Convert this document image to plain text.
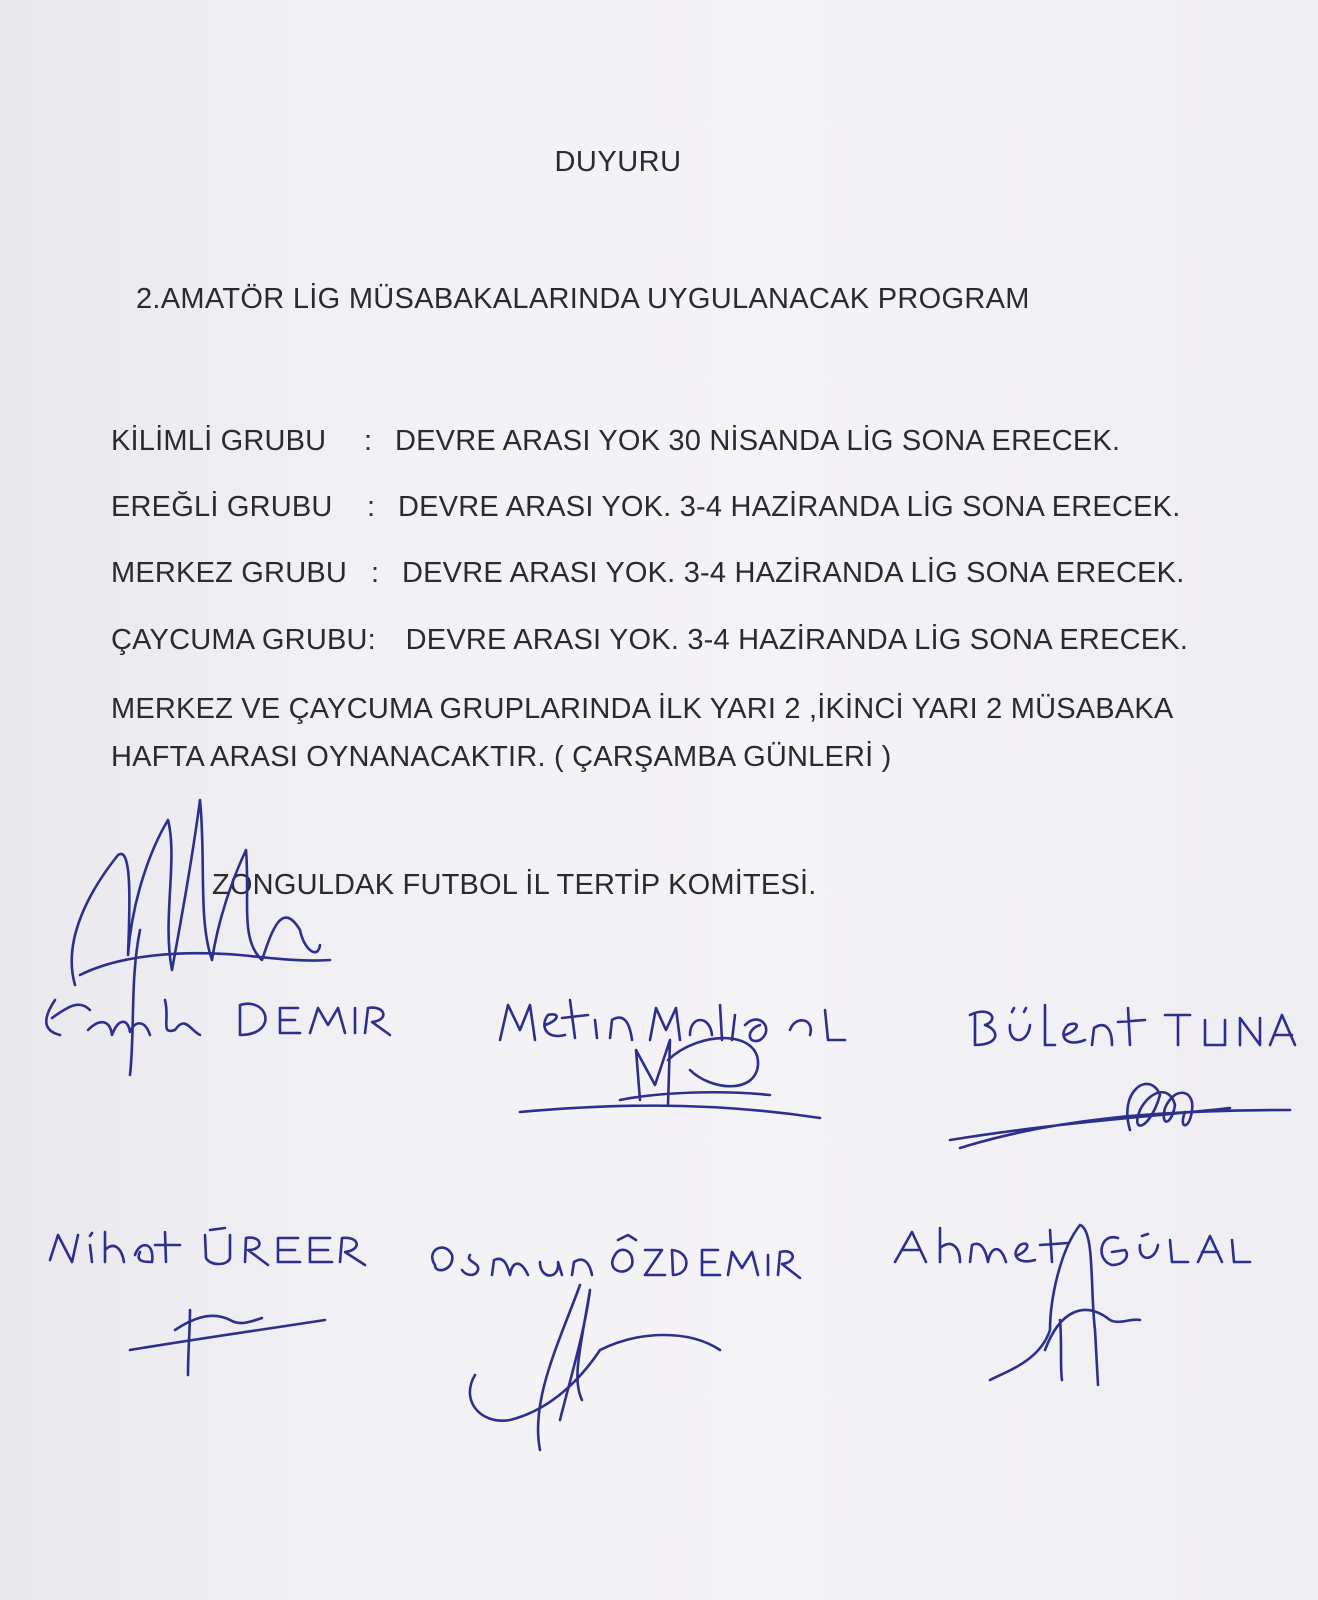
DUYURU
2.AMATÖR LİG MÜSABAKALARINDA UYGULANACAK PROGRAM
KİLİMLİ GRUBU : DEVRE ARASI YOK 30 NİSANDA LİG SONA ERECEK.
EREĞLİ GRUBU : DEVRE ARASI YOK. 3-4 HAZİRANDA LİG SONA ERECEK.
MERKEZ GRUBU : DEVRE ARASI YOK. 3-4 HAZİRANDA LİG SONA ERECEK.
ÇAYCUMA GRUBU: DEVRE ARASI YOK. 3-4 HAZİRANDA LİG SONA ERECEK.
MERKEZ VE ÇAYCUMA GRUPLARINDA İLK YARI 2 ,İKİNCİ YARI 2 MÜSABAKA
HAFTA ARASI OYNANACAKTIR. ( ÇARŞAMBA GÜNLERİ )
ZONGULDAK FUTBOL İL TERTİP KOMİTESİ.
